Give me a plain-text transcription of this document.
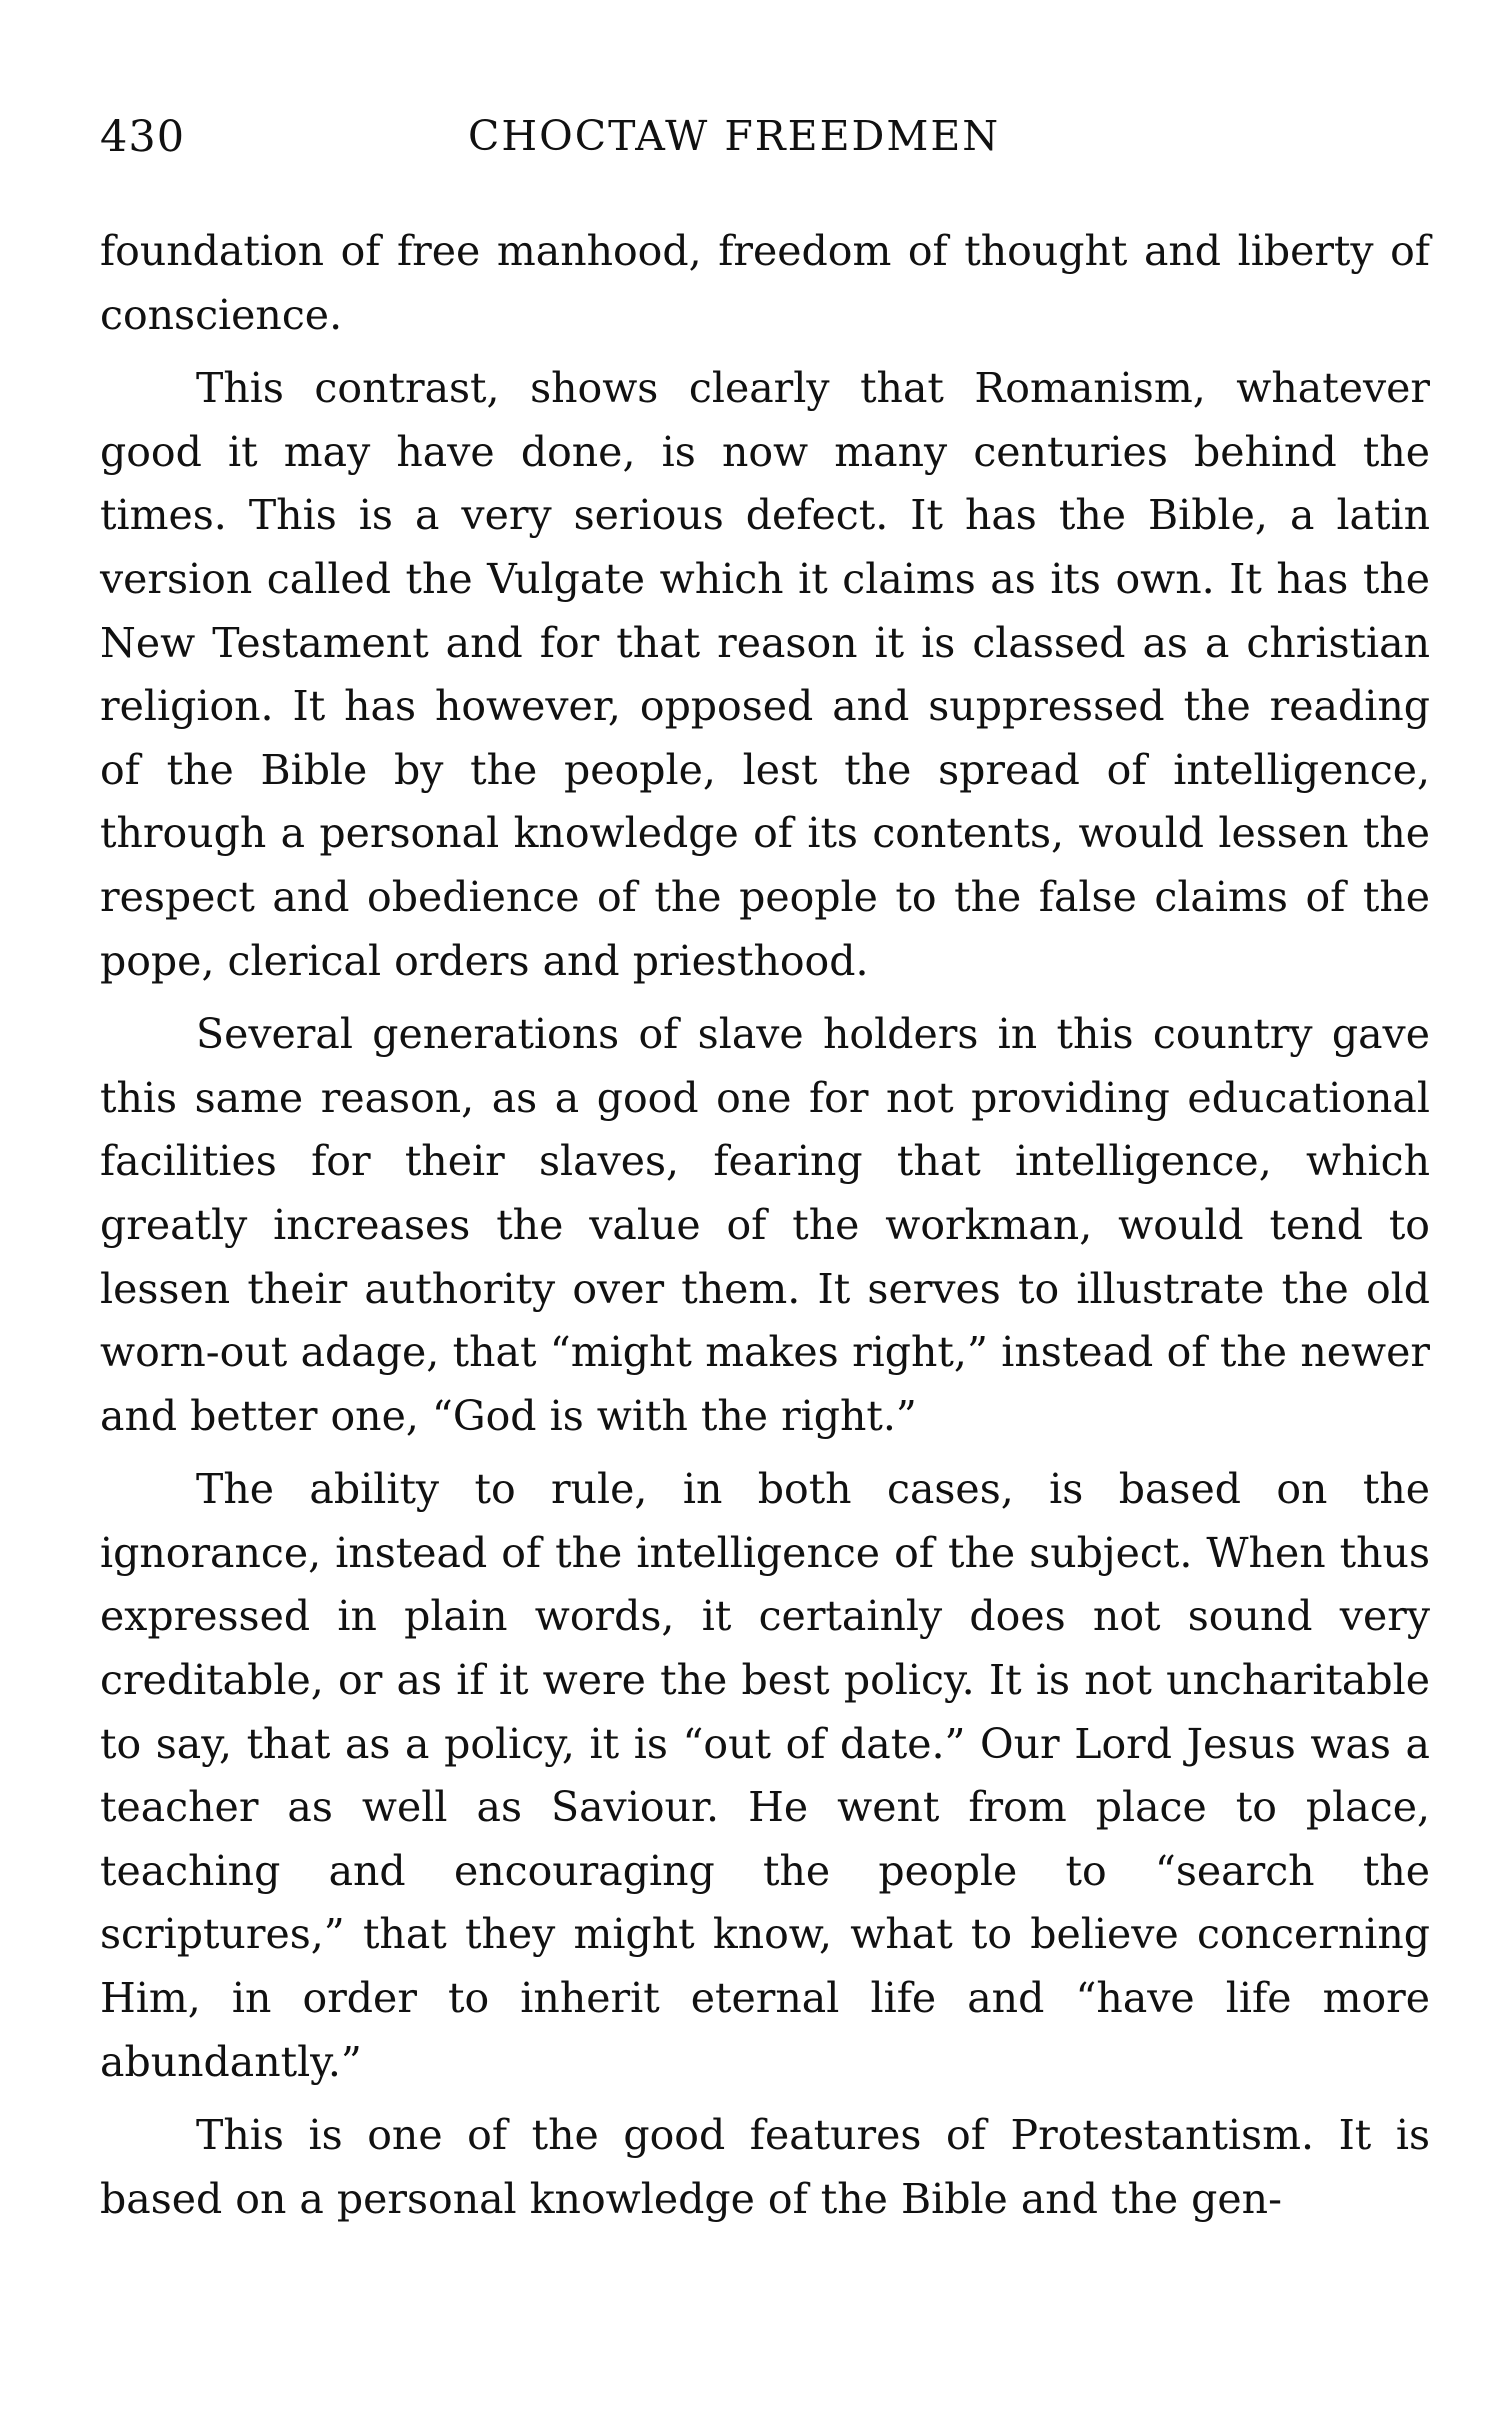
430	CHOCTAW FREEDMEN

foundation of free manhood, freedom of thought and liberty of conscience.

This contrast, shows clearly that Romanism, whatever good it may have done, is now many centuries behind the times. This is a very serious defect. It has the Bible, a latin version called the Vulgate which it claims as its own. It has the New Testament and for that reason it is classed as a christian religion. It has however, opposed and suppressed the reading of the Bible by the people, lest the spread of intelligence, through a personal knowledge of its contents, would lessen the respect and obedience of the people to the false claims of the pope, clerical orders and priesthood.

Several generations of slave holders in this country gave this same reason, as a good one for not providing educational facilities for their slaves, fearing that intelligence, which greatly increases the value of the workman, would tend to lessen their authority over them. It serves to illustrate the old worn-out adage, that “might makes right,” instead of the newer and better one, “God is with the right.”

The ability to rule, in both cases, is based on the ignorance, instead of the intelligence of the subject. When thus expressed in plain words, it certainly does not sound very creditable, or as if it were the best policy. It is not uncharitable to say, that as a policy, it is “out of date.” Our Lord Jesus was a teacher as well as Saviour. He went from place to place, teaching and encouraging the people to “search the scriptures,” that they might know, what to believe concerning Him, in order to inherit eternal life and “have life more abundantly.”

This is one of the good features of Protestantism. It is based on a personal knowledge of the Bible and the gen-
